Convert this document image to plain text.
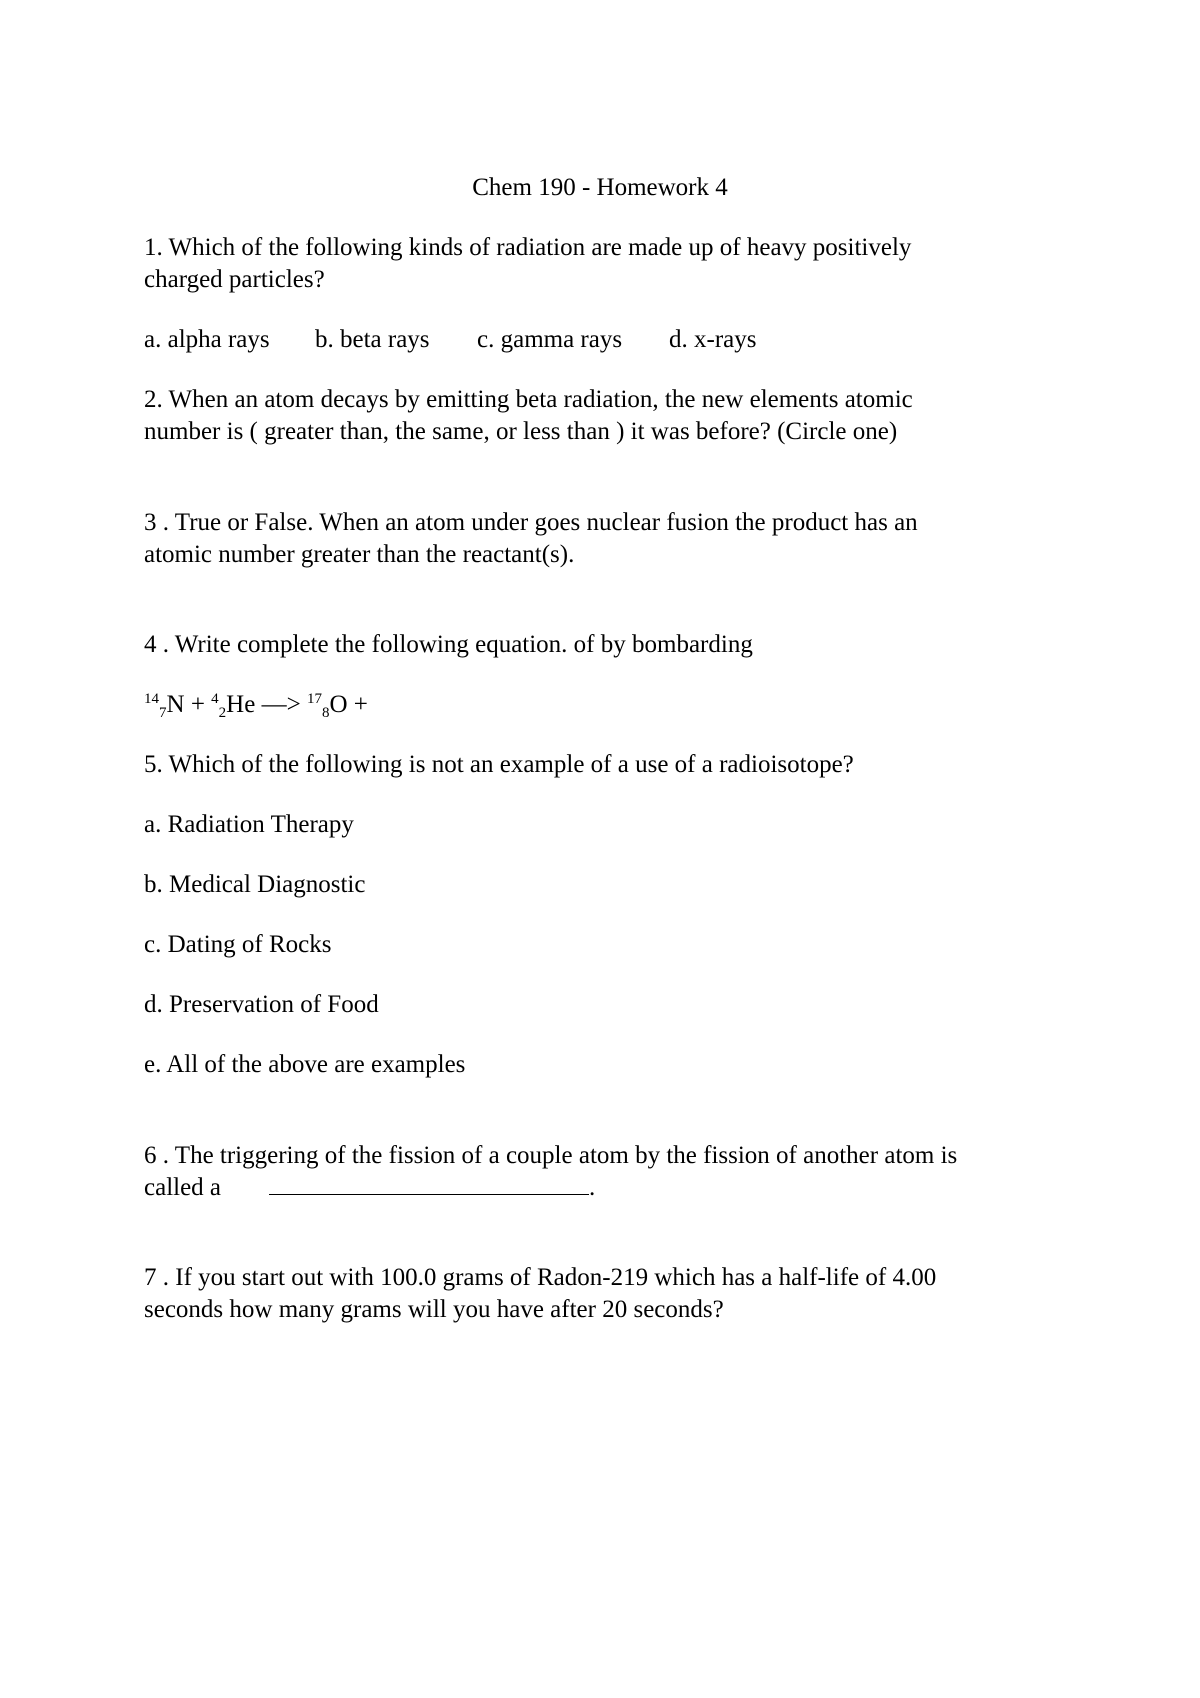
Chem 190 - Homework 4
1. Which of the following kinds of radiation are made up of heavy positively
charged particles?
a. alpha rays b. beta rays c. gamma rays d. x-rays
2. When an atom decays by emitting beta radiation, the new elements atomic
number is ( greater than, the same, or less than ) it was before? (Circle one)
3 . True or False. When an atom under goes nuclear fusion the product has an
atomic number greater than the reactant(s).
4 . Write complete the following equation. of by bombarding
$^{14}_7$N + $^4_2$He —> $^{17}_8$O +
5. Which of the following is not an example of a use of a radioisotope?
a. Radiation Therapy
b. Medical Diagnostic
c. Dating of Rocks
d. Preservation of Food
e. All of the above are examples
6 . The triggering of the fission of a couple atom by the fission of another atom is
called a	.
7 . If you start out with 100.0 grams of Radon-219 which has a half-life of 4.00
seconds how many grams will you have after 20 seconds?
